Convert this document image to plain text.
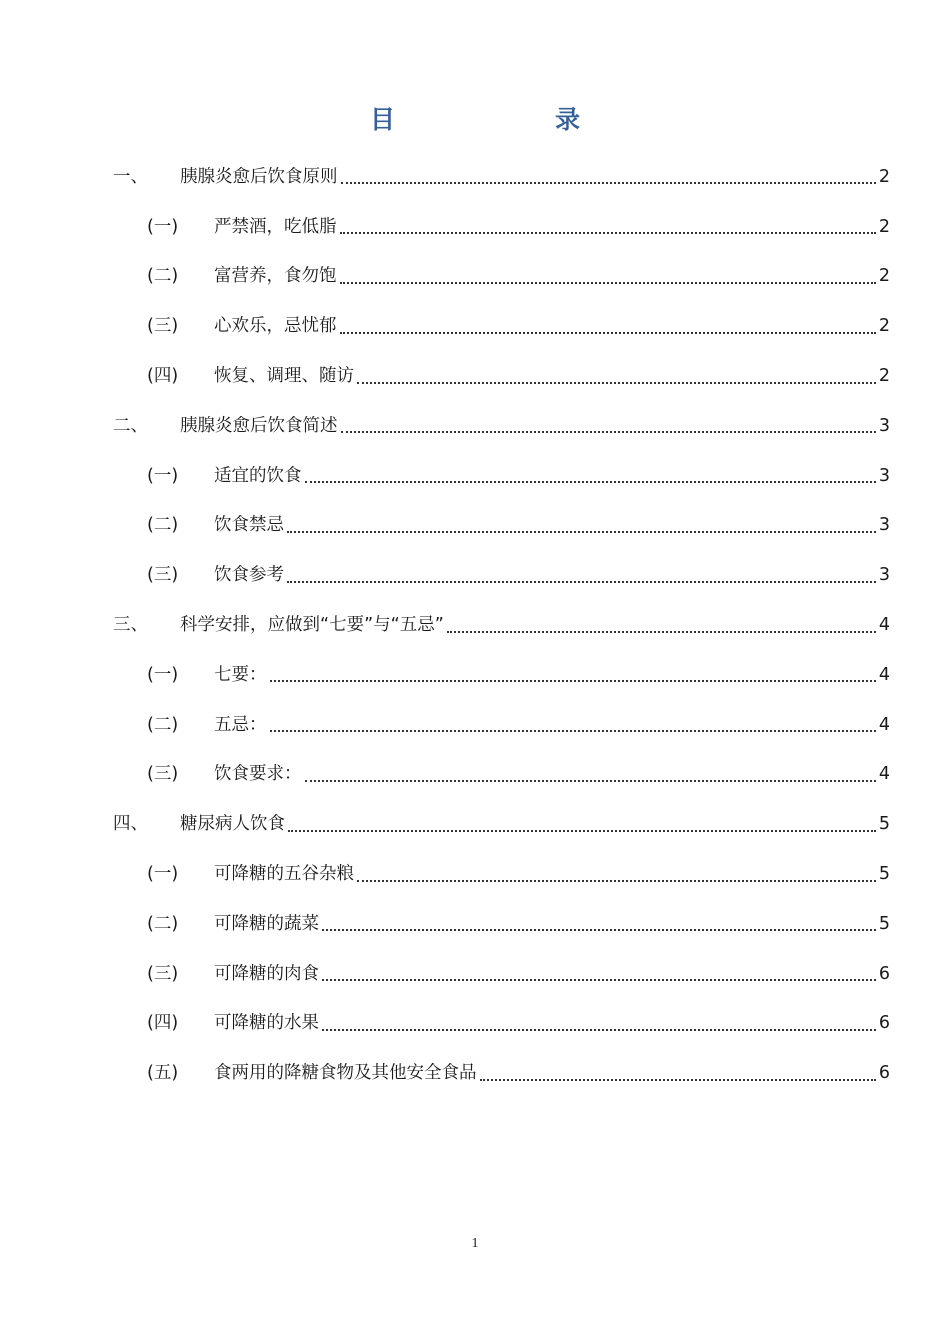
目	录
一、	胰腺炎愈后饮食原则	2
(一)	严禁酒，吃低脂	2
(二)	富营养，食勿饱	2
(三)	心欢乐，忌忧郁	2
(四)	恢复、调理、随访	2
二、	胰腺炎愈后饮食简述	3
(一)	适宜的饮食	3
(二)	饮食禁忌	3
(三)	饮食参考	3
三、	科学安排，应做到“七要”与“五忌”	4
(一)	七要：	4
(二)	五忌：	4
(三)	饮食要求：	4
四、	糖尿病人饮食	5
(一)	可降糖的五谷杂粮	5
(二)	可降糖的蔬菜	5
(三)	可降糖的肉食	6
(四)	可降糖的水果	6
(五)	食两用的降糖食物及其他安全食品	6
1
